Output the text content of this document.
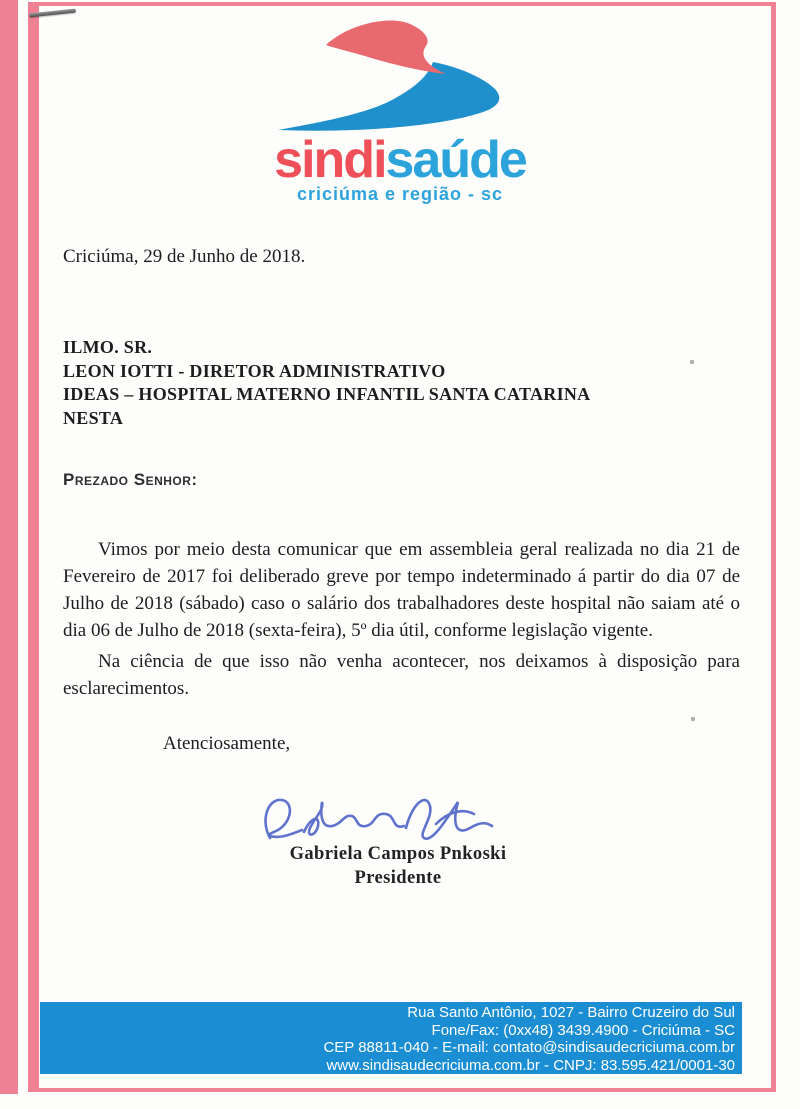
sindisaúde
criciúma e região - sc
Criciúma, 29 de Junho de 2018.
ILMO. SR.
LEON IOTTI - DIRETOR ADMINISTRATIVO
IDEAS – HOSPITAL MATERNO INFANTIL SANTA CATARINA
NESTA
Prezado Senhor:
Vimos por meio desta comunicar que em assembleia geral realizada no dia 21 de Fevereiro de 2017 foi deliberado greve por tempo indeterminado á partir do dia 07 de Julho de 2018 (sábado) caso o salário dos trabalhadores deste hospital não saiam até o dia 06 de Julho de 2018 (sexta-feira), 5º dia útil, conforme legislação vigente.
Na ciência de que isso não venha acontecer, nos deixamos à disposição para esclarecimentos.
Atenciosamente,
Gabriela Campos Pnkoski
Presidente
Rua Santo Antônio, 1027 - Bairro Cruzeiro do Sul
Fone/Fax: (0xx48) 3439.4900 - Criciúma - SC
CEP 88811-040 - E-mail: contato@sindisaudecriciuma.com.br
www.sindisaudecriciuma.com.br - CNPJ: 83.595.421/0001-30
